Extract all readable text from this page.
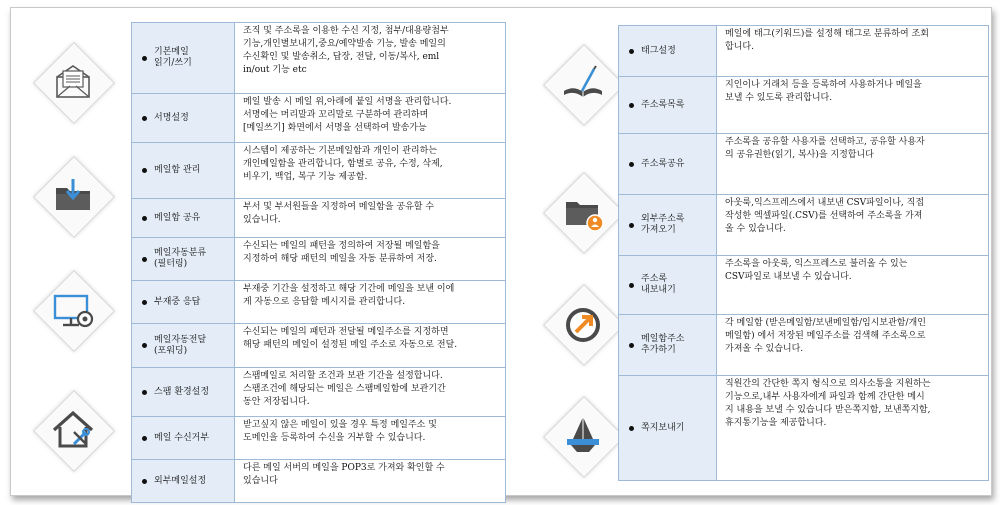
기본메일
읽기/쓰기	조직 및 주소록을 이용한 수신 지정, 첨부/대용량첨부
기능,개인별보내기,중요/예약발송 기능, 발송 메일의
수신확인 및 발송취소, 답장, 전달, 이동/복사, eml
in/out 기능 etc

서명설정	메일 발송 시 메일 위,아래에 붙일 서명을 관리합니다.
서명에는 머리말과 꼬리말로 구분하여 관리하며
[메일쓰기] 화면에서 서명을 선택하여 발송가능

메일함 관리	시스템이 제공하는 기본메일함과 개인이 관리하는
개인메일함을 관리합니다, 함별로 공유, 수정, 삭제,
비우기, 백업, 복구 기능 제공함.

메일함 공유	부서 및 부서원들을 지정하여 메일함을 공유할 수
있습니다.

메일자동분류
(필터링)	수신되는 메일의 패턴을 정의하여 저장될 메일함을
지정하여 해당 패턴의 메일을 자동 분류하여 저장.

부재중 응답	부재중 기간을 설정하고 해당 기간에 메일을 보낸 이에
게 자동으로 응답할 메시지를 관리합니다.

메일자동전달
(포워딩)	수신되는 메일의 패턴과 전달될 메일주소를 지정하면
해당 패턴의 메일이 설정된 메일 주소로 자동으로 전달.

스팸 환경설정	스팸메일로 처리할 조건과 보관 기간을 설정합니다.
스팸조건에 해당되는 메일은 스팸메일함에 보관기간
동안 저장됩니다.

메일 수신거부	받고싶지 않은 메일이 있을 경우 특정 메일주소 및
도메인을 등록하여 수신을 거부할 수 있습니다.

외부메일설정	다른 메일 서버의 메일을 POP3로 가져와 확인할 수
있습니다
태그설정	메일에 태그(키워드)를 설정해 태그로 분류하여 조회
합니다.

주소록목록	지인이나 거래처 등을 등록하여 사용하거나 메일을
보낼 수 있도록 관리합니다.

주소록공유	주소록을 공유할 사용자를 선택하고, 공유할 사용자
의 공유권한(읽기, 복사)을 지정합니다

외부주소록
가져오기	아웃룩,익스프레스에서 내보낸 CSV파일이나, 직접
작성한 엑셀파일(.CSV)를 선택하여 주소록을 가져
올 수 있습니다.

주소록
내보내기	주소록을 아웃룩, 익스프레스로 불러올 수 있는
CSV파일로 내보낼 수 있습니다.

메일함주소
추가하기	각 메일함 (받은메일함/보낸메일함/임시보관함/개인
메일함) 에서 저장된 메일주소를 검색해 주소록으로
가져올 수 있습니다.

쪽지보내기	직원간의 간단한 쪽지 형식으로 의사소통을 지원하는
기능으로,내부 사용자에게 파일과 함께 간단한 메시
지 내용을 보낼 수 있습니다 받은쪽지함, 보낸쪽지함,
휴지통기능을 제공합니다.
